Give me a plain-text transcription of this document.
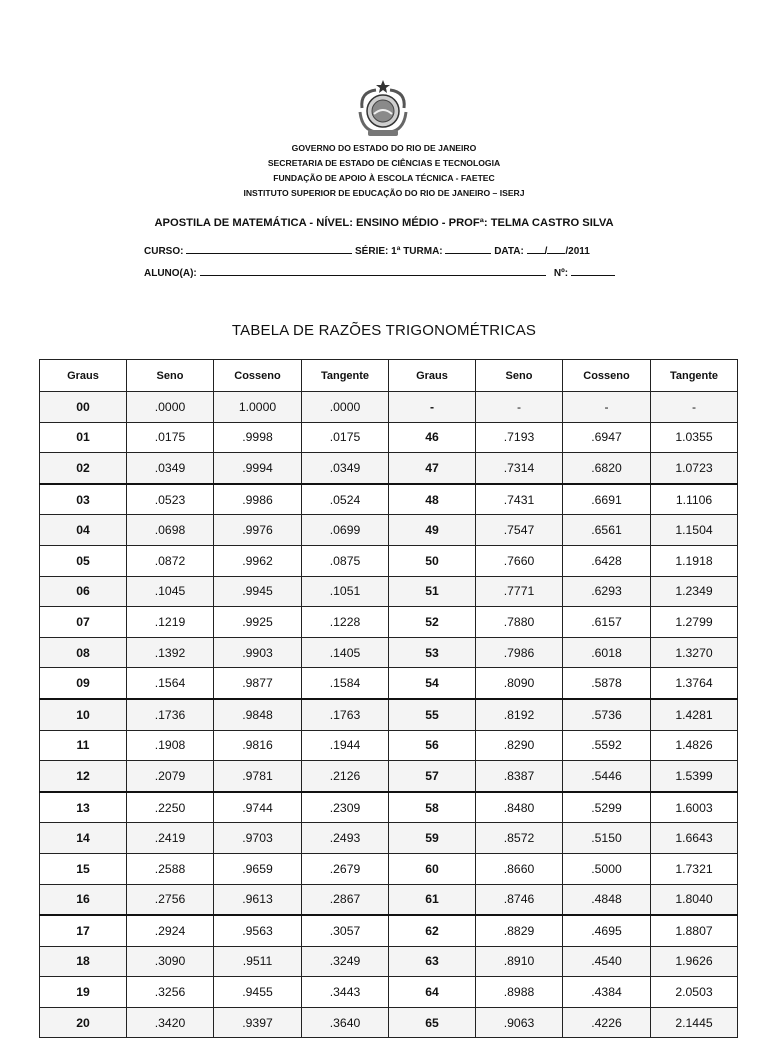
GOVERNO DO ESTADO DO RIO DE JANEIRO
SECRETARIA DE ESTADO DE CIÊNCIAS E TECNOLOGIA
FUNDAÇÃO DE APOIO À ESCOLA TÉCNICA - FAETEC
INSTITUTO SUPERIOR DE EDUCAÇÃO DO RIO DE JANEIRO – ISERJ
APOSTILA DE MATEMÁTICA - NÍVEL: ENSINO MÉDIO - PROFª: TELMA CASTRO SILVA
CURSO:	SÉRIE: 1ª TURMA:	DATA: / /2011
ALUNO(A):	Nº:
TABELA DE RAZÕES TRIGONOMÉTRICAS
Graus	Seno	Cosseno	Tangente	Graus	Seno	Cosseno	Tangente
00	.0000	1.0000	.0000	-	-	-	-
01	.0175	.9998	.0175	46	.7193	.6947	1.0355
02	.0349	.9994	.0349	47	.7314	.6820	1.0723
03	.0523	.9986	.0524	48	.7431	.6691	1.1106
04	.0698	.9976	.0699	49	.7547	.6561	1.1504
05	.0872	.9962	.0875	50	.7660	.6428	1.1918
06	.1045	.9945	.1051	51	.7771	.6293	1.2349
07	.1219	.9925	.1228	52	.7880	.6157	1.2799
08	.1392	.9903	.1405	53	.7986	.6018	1.3270
09	.1564	.9877	.1584	54	.8090	.5878	1.3764
10	.1736	.9848	.1763	55	.8192	.5736	1.4281
11	.1908	.9816	.1944	56	.8290	.5592	1.4826
12	.2079	.9781	.2126	57	.8387	.5446	1.5399
13	.2250	.9744	.2309	58	.8480	.5299	1.6003
14	.2419	.9703	.2493	59	.8572	.5150	1.6643
15	.2588	.9659	.2679	60	.8660	.5000	1.7321
16	.2756	.9613	.2867	61	.8746	.4848	1.8040
17	.2924	.9563	.3057	62	.8829	.4695	1.8807
18	.3090	.9511	.3249	63	.8910	.4540	1.9626
19	.3256	.9455	.3443	64	.8988	.4384	2.0503
20	.3420	.9397	.3640	65	.9063	.4226	2.1445
